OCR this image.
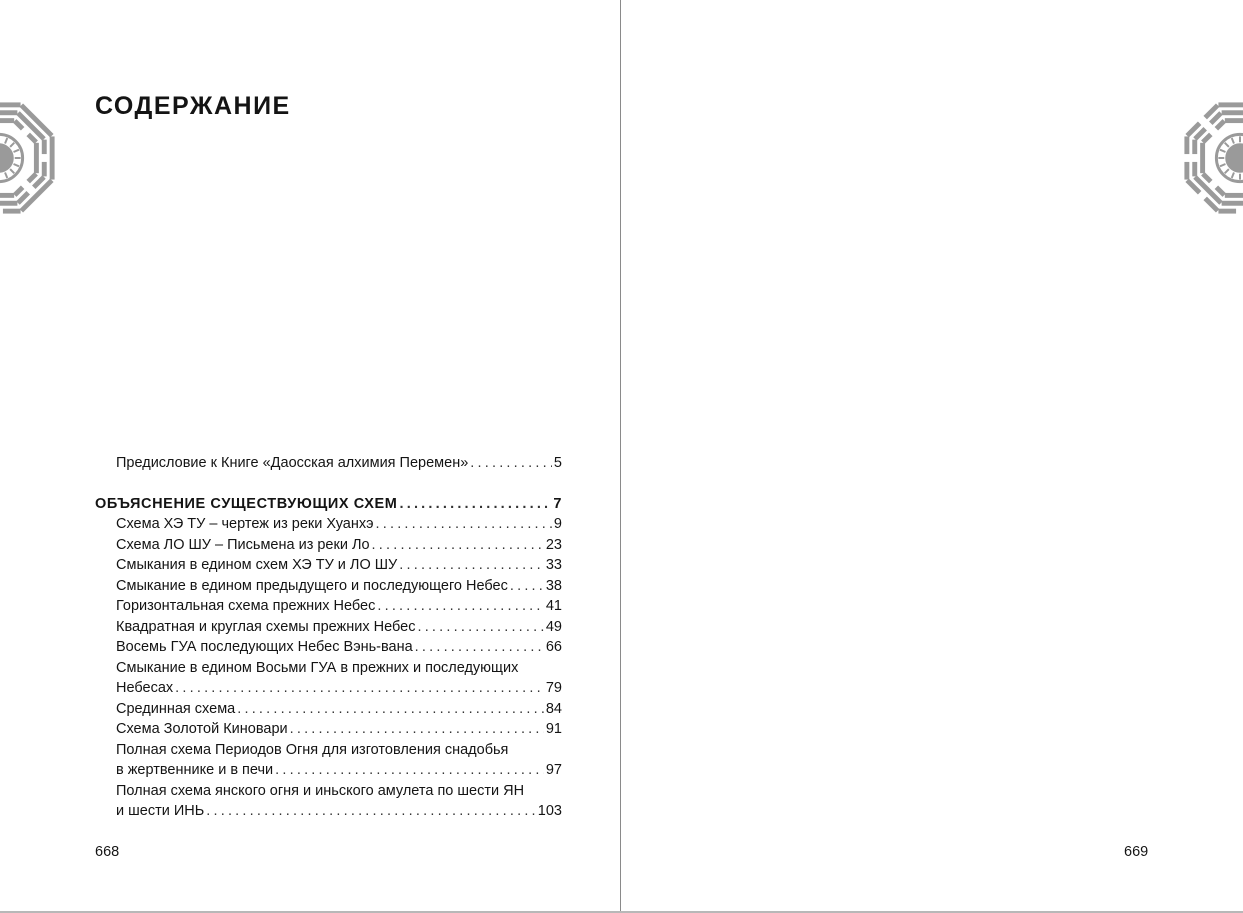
СОДЕРЖАНИЕ
Предисловие к Книге «Даосская алхимия Перемен» .....	5
ОБЪЯСНЕНИЕ СУЩЕСТВУЮЩИХ СХЕМ .....	7
Схема ХЭ ТУ – чертеж из реки Хуанхэ .....	9
Схема ЛО ШУ – Письмена из реки Ло .....	23
Смыкания в едином схем ХЭ ТУ и ЛО ШУ .....	33
Смыкание в едином предыдущего и последующего Небес .....	38
Горизонтальная схема прежних Небес .....	41
Квадратная и круглая схемы прежних Небес .....	49
Восемь ГУА последующих Небес Вэнь-вана .....	66
Смыкание в едином Восьми ГУА в прежних и последующих
Небесах .....	79
Срединная схема .....	84
Схема Золотой Киновари .....	91
Полная схема Периодов Огня для изготовления снадобья
в жертвеннике и в печи .....	97
Полная схема янского огня и иньского амулета по шести ЯН
и шести ИНЬ .....	103
668	669
